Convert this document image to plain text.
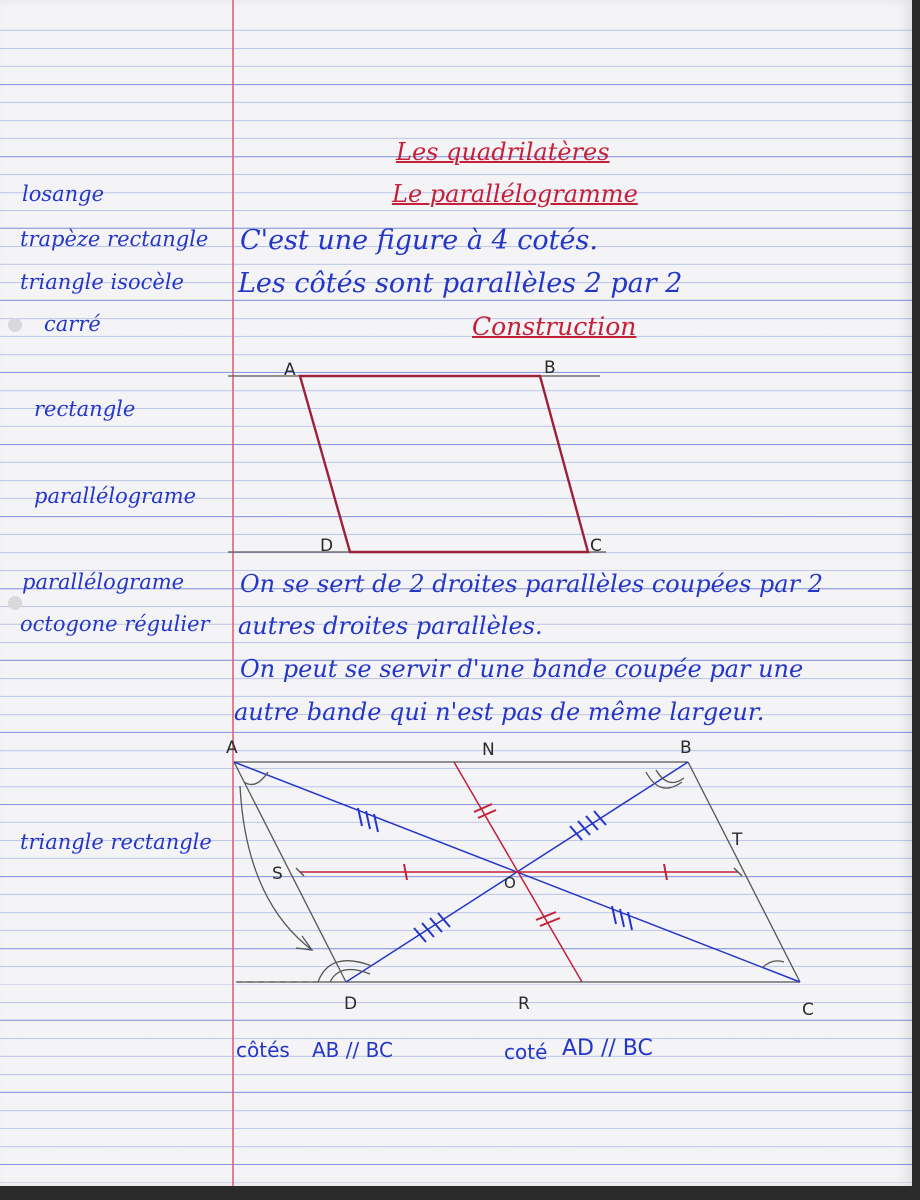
Les quadrilatères

Le parallélogramme

losange

trapèze rectangle

triangle isocèle

carré

rectangle

parallélograme

parallélograme

octogone régulier

triangle rectangle

C'est une figure à 4 cotés.

Les côtés sont parallèles 2 par 2

Construction

On se sert de 2 droites parallèles coupées par 2

autres droites parallèles.

On peut se servir d'une bande coupée par une

autre bande qui n'est pas de même largeur.

A	B

C

D

A	B

C

D

N

R

S

T

O

côtés AB // BC	coté AD // BC
